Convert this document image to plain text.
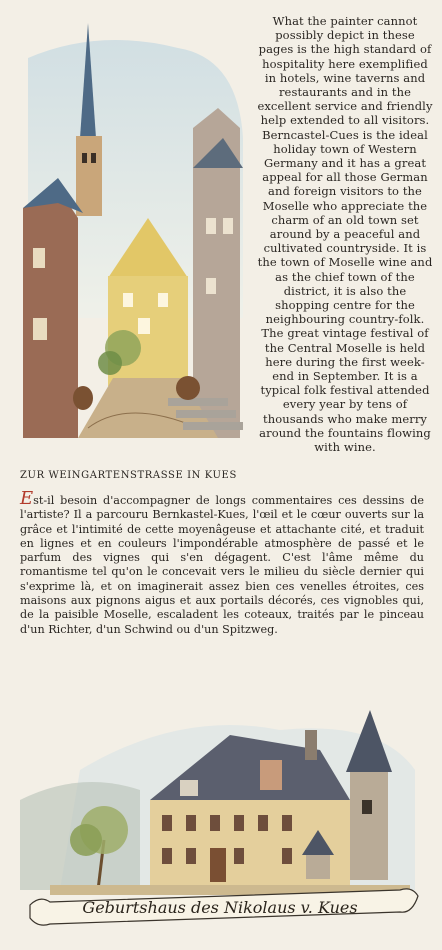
What the painter cannot possibly depict in these pages is the high standard of hospitality here exemplified in hotels, wine taverns and restaurants and in the excellent service and friendly help extended to all visitors. Berncastel-Cues is the ideal holiday town of Western Germany and it has a great appeal for all those German and foreign visitors to the Moselle who appreciate the charm of an old town set around by a peaceful and cultivated countryside. It is the town of Moselle wine and as the chief town of the district, it is also the shopping centre for the neighbouring country-folk. The great vintage festival of the Central Moselle is held here during the first week-end in September. It is a typical folk festival attended every year by tens of thousands who make merry around the fountains flowing with wine.
ZUR WEINGARTENSTRASSE IN KUES
Est-il besoin d'accompagner de longs commentaires ces dessins de l'artiste? Il a parcouru Bernkastel-Kues, l'œil et le cœur ouverts sur la grâce et l'intimité de cette moyenâgeuse et attachante cité, et traduit en lignes et en couleurs l'impondérable atmosphère de passé et le parfum des vignes qui s'en dégagent. C'est l'âme même du romantisme tel qu'on le concevait vers le milieu du siècle dernier qui s'exprime là, et on imaginerait assez bien ces venelles étroites, ces maisons aux pignons aigus et aux portails décorés, ces vignobles qui, de la paisible Moselle, escaladent les coteaux, traités par le pinceau d'un Richter, d'un Schwind ou d'un Spitzweg.
Geburtshaus des Nikolaus v. Kues
